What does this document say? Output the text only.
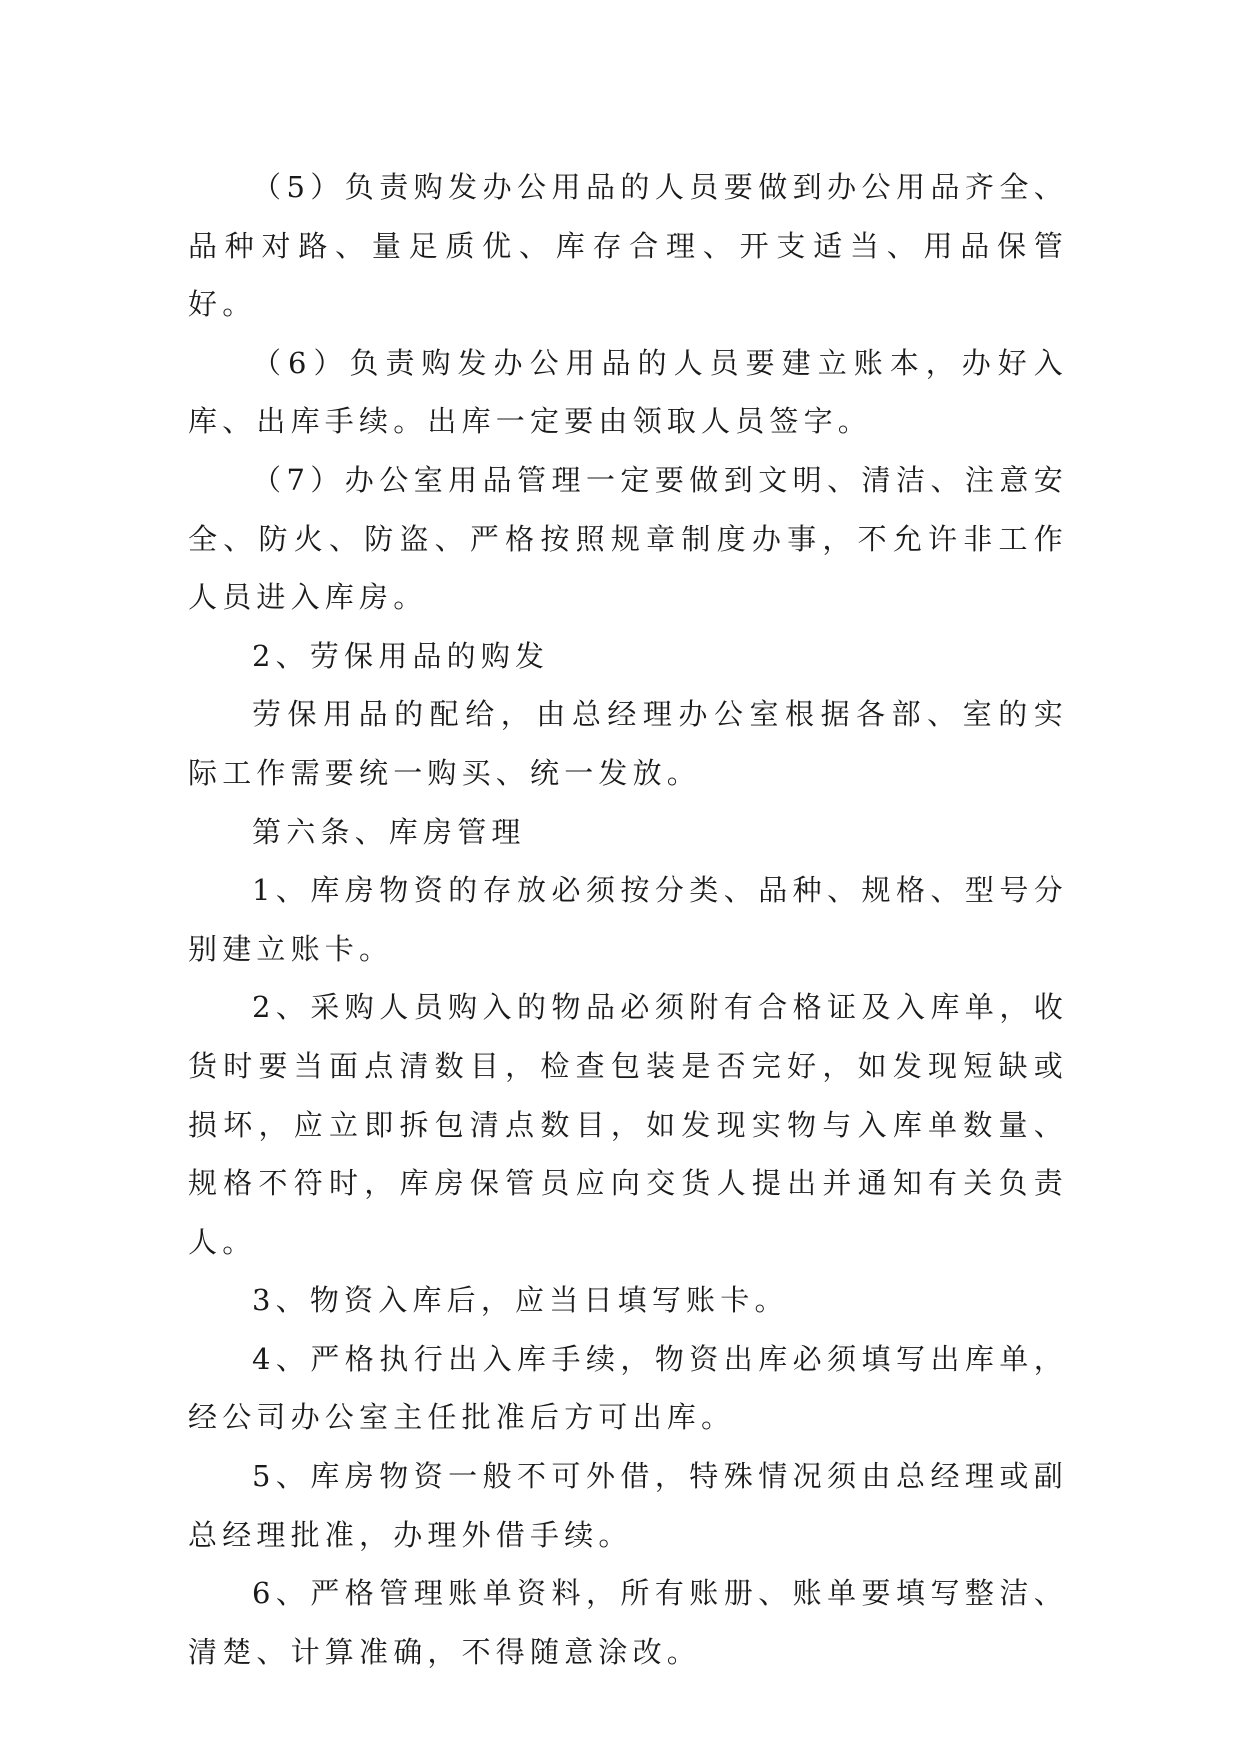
（5）负责购发办公用品的人员要做到办公用品齐全、品种对路、量足质优、库存合理、开支适当、用品保管好。

（6）负责购发办公用品的人员要建立账本，办好入库、出库手续。出库一定要由领取人员签字。

（7）办公室用品管理一定要做到文明、清洁、注意安全、防火、防盗、严格按照规章制度办事，不允许非工作人员进入库房。

2、劳保用品的购发

劳保用品的配给，由总经理办公室根据各部、室的实际工作需要统一购买、统一发放。

第六条、库房管理

1、库房物资的存放必须按分类、品种、规格、型号分别建立账卡。

2、采购人员购入的物品必须附有合格证及入库单，收货时要当面点清数目，检查包装是否完好，如发现短缺或损坏，应立即拆包清点数目，如发现实物与入库单数量、规格不符时，库房保管员应向交货人提出并通知有关负责人。

3、物资入库后，应当日填写账卡。

4、严格执行出入库手续，物资出库必须填写出库单，经公司办公室主任批准后方可出库。

5、库房物资一般不可外借，特殊情况须由总经理或副总经理批准，办理外借手续。

6、严格管理账单资料，所有账册、账单要填写整洁、清楚、计算准确，不得随意涂改。
